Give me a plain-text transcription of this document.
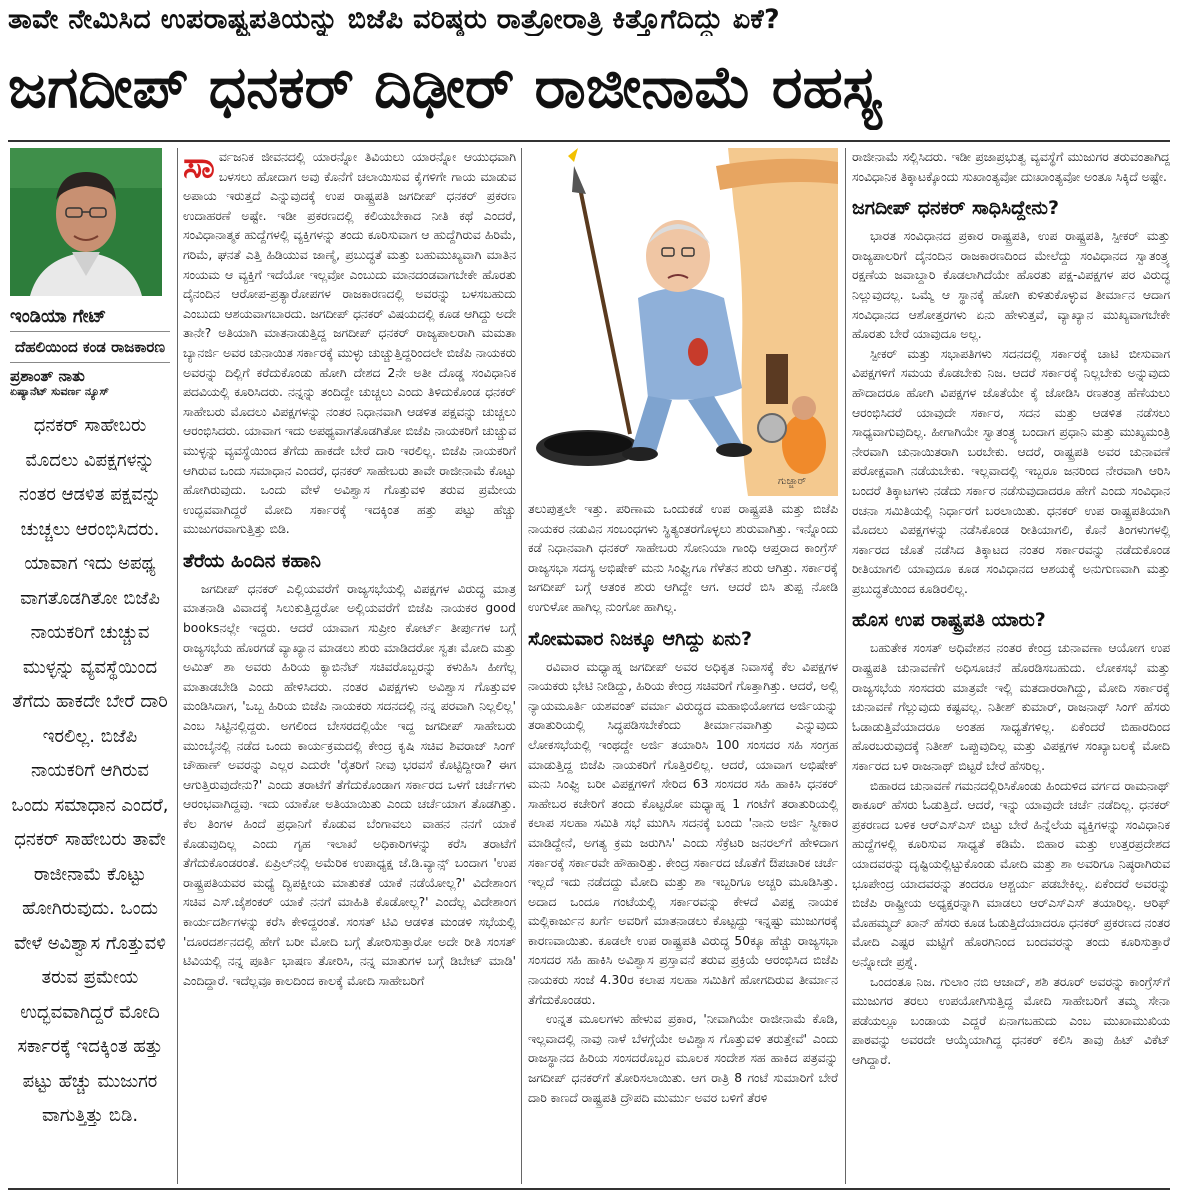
ತಾವೇ ನೇಮಿಸಿದ ಉಪರಾಷ್ಟ್ರಪತಿಯನ್ನು ಬಿಜೆಪಿ ವರಿಷ್ಠರು ರಾತ್ರೋರಾತ್ರಿ ಕಿತ್ತೊಗೆದಿದ್ದು ಏಕೆ?
ಜಗದೀಪ್ ಧನಕರ್ ದಿಢೀರ್ ರಾಜೀನಾಮೆ ರಹಸ್ಯ
ಇಂಡಿಯಾ ಗೇಟ್
ದೆಹಲಿಯಿಂದ ಕಂಡ ರಾಜಕಾರಣ
ಪ್ರಶಾಂತ್ ನಾತು
ಏಷ್ಯಾನೆಟ್ ಸುವರ್ಣ ನ್ಯೂಸ್

ಧನಕರ್ ಸಾಹೇಬರು ಮೊದಲು ವಿಪಕ್ಷಗಳನ್ನು ನಂತರ ಆಡಳಿತ ಪಕ್ಷವನ್ನು ಚುಚ್ಚಲು ಆರಂಭಿಸಿದರು. ಯಾವಾಗ ಇದು ಅಪಥ್ಯ ವಾಗತೊಡಗಿತೋ ಬಿಜೆಪಿ ನಾಯಕರಿಗೆ ಚುಚ್ಚುವ ಮುಳ್ಳನ್ನು ವ್ಯವಸ್ಥೆಯಿಂದ ತೆಗೆದು ಹಾಕದೇ ಬೇರೆ ದಾರಿ ಇರಲಿಲ್ಲ. ಬಿಜೆಪಿ ನಾಯಕರಿಗೆ ಆಗಿರುವ ಒಂದು ಸಮಾಧಾನ ಎಂದರೆ, ಧನಕರ್ ಸಾಹೇಬರು ತಾವೇ ರಾಜೀನಾಮೆ ಕೊಟ್ಟು ಹೋಗಿರುವುದು. ಒಂದು ವೇಳೆ ಅವಿಶ್ವಾಸ ಗೊತ್ತುವಳಿ ತರುವ ಪ್ರಮೇಯ ಉದ್ಭವವಾಗಿದ್ದರೆ ಮೋದಿ ಸರ್ಕಾರಕ್ಕೆ ಇದಕ್ಕಿಂತ ಹತ್ತು ಪಟ್ಟು ಹೆಚ್ಚು ಮುಜುಗರ ವಾಗುತ್ತಿತ್ತು ಬಿಡಿ.

ಸಾರ್ವಜನಿಕ ಜೀವನದಲ್ಲಿ ಯಾರನ್ನೋ ತಿವಿಯಲು ಯಾರನ್ನೋ ಆಯುಧವಾಗಿ ಬಳಸಲು ಹೋದಾಗ ಅವು ಕೊನೆಗೆ ಚಲಾಯಿಸುವ ಕೈಗಳಿಗೇ ಗಾಯ ಮಾಡುವ ಅಪಾಯ ಇರುತ್ತದೆ ಎನ್ನುವುದಕ್ಕೆ ಉಪ ರಾಷ್ಟ್ರಪತಿ ಜಗದೀಪ್ ಧನಕರ್ ಪ್ರಕರಣ ಉದಾಹರಣೆ ಅಷ್ಟೇ. ಇಡೀ ಪ್ರಕರಣದಲ್ಲಿ ಕಲಿಯಬೇಕಾದ ನೀತಿ ಕಥೆ ಎಂದರೆ, ಸಂವಿಧಾನಾತ್ಮಕ ಹುದ್ದೆಗಳಲ್ಲಿ ವ್ಯಕ್ತಿಗಳನ್ನು ತಂದು ಕೂರಿಸುವಾಗ ಆ ಹುದ್ದೆಗಿರುವ ಹಿರಿಮೆ, ಗರಿಮೆ, ಘನತೆ ಎತ್ತಿ ಹಿಡಿಯುವ ಜಾಣ್ಮೆ, ಪ್ರಬುದ್ಧತೆ ಮತ್ತು ಬಹುಮುಖ್ಯವಾಗಿ ಮಾತಿನ ಸಂಯಮ ಆ ವ್ಯಕ್ತಿಗೆ ಇದೆಯೋ ಇಲ್ಲವೋ ಎಂಬುದು ಮಾನದಂಡವಾಗಬೇಕೇ ಹೊರತು ದೈನಂದಿನ ಆರೋಪ-ಪ್ರತ್ಯಾರೋಪಗಳ ರಾಜಕಾರಣದಲ್ಲಿ ಅವರನ್ನು ಬಳಸಬಹುದು ಎಂಬುದು ಆಶಯವಾಗಬಾರದು. ಜಗದೀಪ್ ಧನಕರ್ ವಿಷಯದಲ್ಲಿ ಕೂಡ ಆಗಿದ್ದು ಅದೇ ತಾನೇ? ಅತಿಯಾಗಿ ಮಾತನಾಡುತ್ತಿದ್ದ ಜಗದೀಪ್ ಧನಕರ್ ರಾಜ್ಯಪಾಲರಾಗಿ ಮಮತಾ ಬ್ಯಾನರ್ಜಿ ಅವರ ಚುನಾಯಿತ ಸರ್ಕಾರಕ್ಕೆ ಮುಳ್ಳು ಚುಚ್ಚುತ್ತಿದ್ದರಿಂದಲೇ ಬಿಜೆಪಿ ನಾಯಕರು ಅವರನ್ನು ದಿಲ್ಲಿಗೆ ಕರೆದುಕೊಂಡು ಹೋಗಿ ದೇಶದ 2ನೇ ಅತೀ ದೊಡ್ಡ ಸಂವಿಧಾನಿಕ ಪದವಿಯಲ್ಲಿ ಕೂರಿಸಿದರು. ನನ್ನನ್ನು ತಂದಿದ್ದೇ ಚುಚ್ಚಲು ಎಂದು ತಿಳಿದುಕೊಂಡ ಧನಕರ್ ಸಾಹೇಬರು ಮೊದಲು ವಿಪಕ್ಷಗಳನ್ನು ನಂತರ ನಿಧಾನವಾಗಿ ಆಡಳಿತ ಪಕ್ಷವನ್ನು ಚುಚ್ಚಲು ಆರಂಭಿಸಿದರು. ಯಾವಾಗ ಇದು ಅಪಥ್ಯವಾಗತೊಡಗಿತೋ ಬಿಜೆಪಿ ನಾಯಕರಿಗೆ ಚುಚ್ಚುವ ಮುಳ್ಳನ್ನು ವ್ಯವಸ್ಥೆಯಿಂದ ತೆಗೆದು ಹಾಕದೇ ಬೇರೆ ದಾರಿ ಇರಲಿಲ್ಲ. ಬಿಜೆಪಿ ನಾಯಕರಿಗೆ ಆಗಿರುವ ಒಂದು ಸಮಾಧಾನ ಎಂದರೆ, ಧನಕರ್ ಸಾಹೇಬರು ತಾವೇ ರಾಜೀನಾಮೆ ಕೊಟ್ಟು ಹೋಗಿರುವುದು. ಒಂದು ವೇಳೆ ಅವಿಶ್ವಾಸ ಗೊತ್ತುವಳಿ ತರುವ ಪ್ರಮೇಯ ಉದ್ಭವವಾಗಿದ್ದರೆ ಮೋದಿ ಸರ್ಕಾರಕ್ಕೆ ಇದಕ್ಕಿಂತ ಹತ್ತು ಪಟ್ಟು ಹೆಚ್ಚು ಮುಜುಗರವಾಗುತ್ತಿತ್ತು ಬಿಡಿ.

ತೆರೆಯ ಹಿಂದಿನ ಕಹಾನಿ

ಜಗದೀಪ್ ಧನಕರ್ ಎಲ್ಲಿಯವರೆಗೆ ರಾಜ್ಯಸಭೆಯಲ್ಲಿ ವಿಪಕ್ಷಗಳ ವಿರುದ್ಧ ಮಾತ್ರ ಮಾತನಾಡಿ ವಿವಾದಕ್ಕೆ ಸಿಲುಕುತ್ತಿದ್ದರೋ ಅಲ್ಲಿಯವರೆಗೆ ಬಿಜೆಪಿ ನಾಯಕರ good booksನಲ್ಲೇ ಇದ್ದರು. ಆದರೆ ಯಾವಾಗ ಸುಪ್ರೀಂ ಕೋರ್ಟ್ ತೀರ್ಪುಗಳ ಬಗ್ಗೆ ರಾಜ್ಯಸಭೆಯ ಹೊರಗಡೆ ವ್ಯಾಖ್ಯಾನ ಮಾಡಲು ಶುರು ಮಾಡಿದರೋ ಸ್ವತಃ ಮೋದಿ ಮತ್ತು ಅಮಿತ್ ಶಾ ಅವರು ಹಿರಿಯ ಕ್ಯಾಬಿನೆಟ್ ಸಚಿವರೊಬ್ಬರನ್ನು ಕಳುಹಿಸಿ ಹೀಗೆಲ್ಲ ಮಾತಾಡಬೇಡಿ ಎಂದು ಹೇಳಿಸಿದರು. ನಂತರ ವಿಪಕ್ಷಗಳು ಅವಿಶ್ವಾಸ ಗೊತ್ತುವಳಿ ಮಂಡಿಸಿದಾಗ, 'ಒಬ್ಬ ಹಿರಿಯ ಬಿಜೆಪಿ ನಾಯಕರು ಸದನದಲ್ಲಿ ನನ್ನ ಪರವಾಗಿ ನಿಲ್ಲಲಿಲ್ಲ' ಎಂಬ ಸಿಟ್ಟಿನಲ್ಲಿದ್ದರು. ಅಗಲಿಂದ ಬೇಸರದಲ್ಲಿಯೇ ಇದ್ದ ಜಗದೀಪ್ ಸಾಹೇಬರು ಮುಂಬೈನಲ್ಲಿ ನಡೆದ ಒಂದು ಕಾರ್ಯಕ್ರಮದಲ್ಲಿ ಕೇಂದ್ರ ಕೃಷಿ ಸಚಿವ ಶಿವರಾಜ್ ಸಿಂಗ್ ಚೌಹಾಣ್ ಅವರನ್ನು ಎಲ್ಲರ ಎದುರೇ 'ರೈತರಿಗೆ ನೀವು ಭರವಸೆ ಕೊಟ್ಟಿದ್ದೀರಾ? ಈಗ ಆಗುತ್ತಿರುವುದೇನು?' ಎಂದು ತರಾಟೆಗೆ ತೆಗೆದುಕೊಂಡಾಗ ಸರ್ಕಾರದ ಒಳಗೆ ಚರ್ಚೆಗಳು ಆರಂಭವಾಗಿದ್ದವು. ಇದು ಯಾಕೋ ಅತಿಯಾಯಿತು ಎಂದು ಚರ್ಚೆಯಾಗ ತೊಡಗಿತ್ತು. ಕೆಲ ತಿಂಗಳ ಹಿಂದೆ ಪ್ರಧಾನಿಗೆ ಕೊಡುವ ಬೆಂಗಾವಲು ವಾಹನ ನನಗೆ ಯಾಕೆ ಕೊಡುವುದಿಲ್ಲ ಎಂದು ಗೃಹ ಇಲಾಖೆ ಅಧಿಕಾರಿಗಳನ್ನು ಕರೆಸಿ ತರಾಟೆಗೆ ತೆಗೆದುಕೊಂಡರಂತೆ. ಏಪ್ರಿಲ್‌ನಲ್ಲಿ ಅಮೆರಿಕ ಉಪಾಧ್ಯಕ್ಷ ಜೆ.ಡಿ.ವ್ಯಾನ್ಸ್ ಬಂದಾಗ 'ಉಪ ರಾಷ್ಟ್ರಪತಿಯವರ ಮಧ್ಯೆ ದ್ವಿಪಕ್ಷೀಯ ಮಾತುಕತೆ ಯಾಕೆ ನಡೆಯೋಲ್ಲ?' ವಿದೇಶಾಂಗ ಸಚಿವ ಎಸ್.ಜೈಶಂಕರ್ ಯಾಕೆ ನನಗೆ ಮಾಹಿತಿ ಕೊಡೋಲ್ಲ?' ಎಂದೆಲ್ಲ ವಿದೇಶಾಂಗ ಕಾರ್ಯದರ್ಶಿಗಳನ್ನು ಕರೆಸಿ ಕೇಳಿದ್ದರಂತೆ. ಸಂಸತ್ ಟಿವಿ ಆಡಳಿತ ಮಂಡಳಿ ಸಭೆಯಲ್ಲಿ 'ದೂರದರ್ಶನದಲ್ಲಿ ಹೇಗೆ ಬರೀ ಮೋದಿ ಬಗ್ಗೆ ತೋರಿಸುತ್ತಾರೋ ಅದೇ ರೀತಿ ಸಂಸತ್ ಟಿವಿಯಲ್ಲಿ ನನ್ನ ಪೂರ್ತಿ ಭಾಷಣ ತೋರಿಸಿ, ನನ್ನ ಮಾತುಗಳ ಬಗ್ಗೆ ಡಿಬೇಟ್ ಮಾಡಿ' ಎಂದಿದ್ದಾರೆ. ಇದೆಲ್ಲವೂ ಕಾಲದಿಂದ ಕಾಲಕ್ಕೆ ಮೋದಿ ಸಾಹೇಬರಿಗೆ

ಗುಜ್ಜಾರ್

ತಲುಪುತ್ತಲೇ ಇತ್ತು. ಪರಿಣಾಮ ಒಂದುಕಡೆ ಉಪ ರಾಷ್ಟ್ರಪತಿ ಮತ್ತು ಬಿಜೆಪಿ ನಾಯಕರ ನಡುವಿನ ಸಂಬಂಧಗಳು ಸ್ಥಿತ್ಯಂತರಗೊಳ್ಳಲು ಶುರುವಾಗಿತ್ತು. ಇನ್ನೊಂದು ಕಡೆ ನಿಧಾನವಾಗಿ ಧನಕರ್ ಸಾಹೇಬರು ಸೋನಿಯಾ ಗಾಂಧಿ ಆಪ್ತರಾದ ಕಾಂಗ್ರೆಸ್ ರಾಜ್ಯಸಭಾ ಸದಸ್ಯ ಅಭಿಷೇಕ್ ಮನು ಸಿಂಘ್ವಿಗೂ ಗೆಳೆತನ ಶುರು ಆಗಿತ್ತು. ಸರ್ಕಾರಕ್ಕೆ ಜಗದೀಪ್ ಬಗ್ಗೆ ಆತಂಕ ಶುರು ಆಗಿದ್ದೇ ಆಗ. ಆದರೆ ಬಿಸಿ ತುಪ್ಪ ನೋಡಿ ಉಗುಳೋ ಹಾಗಿಲ್ಲ ನುಂಗೋ ಹಾಗಿಲ್ಲ.

ಸೋಮವಾರ ನಿಜಕ್ಕೂ ಆಗಿದ್ದು ಏನು?

ರವಿವಾರ ಮಧ್ಯಾಹ್ನ ಜಗದೀಪ್ ಅವರ ಅಧಿಕೃತ ನಿವಾಸಕ್ಕೆ ಕೆಲ ವಿಪಕ್ಷಗಳ ನಾಯಕರು ಭೇಟಿ ನೀಡಿದ್ದು, ಹಿರಿಯ ಕೇಂದ್ರ ಸಚಿವರಿಗೆ ಗೊತ್ತಾಗಿತ್ತು. ಆದರೆ, ಅಲ್ಲಿ ನ್ಯಾಯಮೂರ್ತಿ ಯಶವಂತ್ ವರ್ಮಾ ವಿರುದ್ಧದ ಮಹಾಭಿಯೋಗದ ಅರ್ಜಿಯನ್ನು ತರಾತುರಿಯಲ್ಲಿ ಸಿದ್ಧಪಡಿಸಬೇಕೆಂದು ತೀರ್ಮಾನವಾಗಿತ್ತು ಎನ್ನುವುದು ಲೋಕಸಭೆಯಲ್ಲಿ ಇಂಥದ್ದೇ ಅರ್ಜಿ ತಯಾರಿಸಿ 100 ಸಂಸದರ ಸಹಿ ಸಂಗ್ರಹ ಮಾಡುತ್ತಿದ್ದ ಬಿಜೆಪಿ ನಾಯಕರಿಗೆ ಗೊತ್ತಿರಲಿಲ್ಲ. ಆದರೆ, ಯಾವಾಗ ಅಭಿಷೇಕ್ ಮನು ಸಿಂಘ್ವಿ ಬರೀ ವಿಪಕ್ಷಗಳಿಗೆ ಸೇರಿದ 63 ಸಂಸದರ ಸಹಿ ಹಾಕಿಸಿ ಧನಕರ್ ಸಾಹೇಬರ ಕಚೇರಿಗೆ ತಂದು ಕೊಟ್ಟರೋ ಮಧ್ಯಾಹ್ನ 1 ಗಂಟೆಗೆ ತರಾತುರಿಯಲ್ಲಿ ಕಲಾಪ ಸಲಹಾ ಸಮಿತಿ ಸಭೆ ಮುಗಿಸಿ ಸದನಕ್ಕೆ ಬಂದು 'ನಾನು ಅರ್ಜಿ ಸ್ವೀಕಾರ ಮಾಡಿದ್ದೇನೆ, ಅಗತ್ಯ ಕ್ರಮ ಜರುಗಿಸಿ' ಎಂದು ಸೆಕ್ರೆಟರಿ ಜನರಲ್‌ಗೆ ಹೇಳಿದಾಗ ಸರ್ಕಾರಕ್ಕೆ ಸರ್ಕಾರವೇ ಹೌಹಾರಿತ್ತು. ಕೇಂದ್ರ ಸರ್ಕಾರದ ಜೊತೆಗೆ ಔಪಚಾರಿಕ ಚರ್ಚೆ ಇಲ್ಲದೆ ಇದು ನಡೆದದ್ದು ಮೋದಿ ಮತ್ತು ಶಾ ಇಬ್ಬರಿಗೂ ಅಚ್ಚರಿ ಮೂಡಿಸಿತ್ತು. ಅದಾದ ಒಂದೂ ಗಂಟೆಯಲ್ಲಿ ಸರ್ಕಾರವನ್ನು ಕೇಳದೆ ವಿಪಕ್ಷ ನಾಯಕ ಮಲ್ಲಿಕಾರ್ಜುನ ಖರ್ಗೆ ಅವರಿಗೆ ಮಾತನಾಡಲು ಕೊಟ್ಟದ್ದು ಇನ್ನಷ್ಟು ಮುಜುಗರಕ್ಕೆ ಕಾರಣವಾಯಿತು. ಕೂಡಲೇ ಉಪ ರಾಷ್ಟ್ರಪತಿ ವಿರುದ್ಧ 50ಕ್ಕೂ ಹೆಚ್ಚು ರಾಜ್ಯಸಭಾ ಸಂಸದರ ಸಹಿ ಹಾಕಿಸಿ ಅವಿಶ್ವಾಸ ಪ್ರಸ್ತಾವನೆ ತರುವ ಪ್ರಕ್ರಿಯೆ ಆರಂಭಿಸಿದ ಬಿಜೆಪಿ ನಾಯಕರು ಸಂಜೆ 4.30ರ ಕಲಾಪ ಸಲಹಾ ಸಮಿತಿಗೆ ಹೋಗದಿರುವ ತೀರ್ಮಾನ ತೆಗೆದುಕೊಂಡರು.

ಉನ್ನತ ಮೂಲಗಳು ಹೇಳುವ ಪ್ರಕಾರ, 'ನೀವಾಗಿಯೇ ರಾಜೀನಾಮೆ ಕೊಡಿ, ಇಲ್ಲವಾದಲ್ಲಿ ನಾವು ನಾಳೆ ಬೆಳಗ್ಗೆಯೇ ಅವಿಶ್ವಾಸ ಗೊತ್ತುವಳಿ ತರುತ್ತೇವೆ' ಎಂದು ರಾಜಸ್ಥಾನದ ಹಿರಿಯ ಸಂಸದರೊಬ್ಬರ ಮೂಲಕ ಸಂದೇಶ ಸಹ ಹಾಕಿದ ಪತ್ರವನ್ನು ಜಗದೀಪ್ ಧನಕರ್‌ಗೆ ತೋರಿಸಲಾಯಿತು. ಆಗ ರಾತ್ರಿ 8 ಗಂಟೆ ಸುಮಾರಿಗೆ ಬೇರೆ ದಾರಿ ಕಾಣದೆ ರಾಷ್ಟ್ರಪತಿ ದ್ರೌಪದಿ ಮುರ್ಮು ಅವರ ಬಳಿಗೆ ತೆರಳಿ

ರಾಜೀನಾಮೆ ಸಲ್ಲಿಸಿದರು. ಇಡೀ ಪ್ರಜಾಪ್ರಭುತ್ವ ವ್ಯವಸ್ಥೆಗೆ ಮುಜುಗರ ತರುವಂತಾಗಿದ್ದ ಸಂವಿಧಾನಿಕ ತಿಕ್ಕಾಟಕ್ಕೊಂದು ಸುಖಾಂತ್ಯವೋ ದುಃಖಾಂತ್ಯವೋ ಅಂತೂ ಸಿಕ್ಕಿದೆ ಅಷ್ಟೇ.

ಜಗದೀಪ್ ಧನಕರ್ ಸಾಧಿಸಿದ್ದೇನು?

ಭಾರತ ಸಂವಿಧಾನದ ಪ್ರಕಾರ ರಾಷ್ಟ್ರಪತಿ, ಉಪ ರಾಷ್ಟ್ರಪತಿ, ಸ್ಪೀಕರ್ ಮತ್ತು ರಾಜ್ಯಪಾಲರಿಗೆ ದೈನಂದಿನ ರಾಜಕಾರಣದಿಂದ ಮೇಲೆದ್ದು ಸಂವಿಧಾನದ ಸ್ವಾತಂತ್ರ್ಯ ರಕ್ಷಣೆಯ ಜವಾಬ್ದಾರಿ ಕೊಡಲಾಗಿದೆಯೇ ಹೊರತು ಪಕ್ಷ-ವಿಪಕ್ಷಗಳ ಪರ ವಿರುದ್ಧ ನಿಲ್ಲುವುದಲ್ಲ. ಒಮ್ಮೆ ಆ ಸ್ಥಾನಕ್ಕೆ ಹೋಗಿ ಕುಳಿತುಕೊಳ್ಳುವ ತೀರ್ಮಾನ ಆದಾಗ ಸಂವಿಧಾನದ ಆಶೋತ್ತರಗಳು ಏನು ಹೇಳುತ್ತವೆ, ವ್ಯಾಖ್ಯಾನ ಮುಖ್ಯವಾಗಬೇಕೇ ಹೊರತು ಬೇರೆ ಯಾವುದೂ ಅಲ್ಲ.

ಸ್ಪೀಕರ್ ಮತ್ತು ಸಭಾಪತಿಗಳು ಸದನದಲ್ಲಿ ಸರ್ಕಾರಕ್ಕೆ ಚಾಟಿ ಬೀಸುವಾಗ ವಿಪಕ್ಷಗಳಿಗೆ ಸಮಯ ಕೊಡಬೇಕು ನಿಜ. ಆದರೆ ಸರ್ಕಾರಕ್ಕೆ ನಿಲ್ಲಬೇಕು ಅನ್ನುವುದು ಹೌದಾದರೂ ಹೋಗಿ ವಿಪಕ್ಷಗಳ ಜೊತೆಯೇ ಕೈ ಜೋಡಿಸಿ ರಣತಂತ್ರ ಹೆಣೆಯಲು ಆರಂಭಿಸಿದರೆ ಯಾವುದೇ ಸರ್ಕಾರ, ಸದನ ಮತ್ತು ಆಡಳಿತ ನಡೆಸಲು ಸಾಧ್ಯವಾಗುವುದಿಲ್ಲ. ಹೀಗಾಗಿಯೇ ಸ್ವಾತಂತ್ರ್ಯ ಬಂದಾಗ ಪ್ರಧಾನಿ ಮತ್ತು ಮುಖ್ಯಮಂತ್ರಿ ನೇರವಾಗಿ ಚುನಾಯಿತರಾಗಿ ಬರಬೇಕು. ಆದರೆ, ರಾಷ್ಟ್ರಪತಿ ಅವರ ಚುನಾವಣೆ ಪರೋಕ್ಷವಾಗಿ ನಡೆಯಬೇಕು. ಇಲ್ಲವಾದಲ್ಲಿ ಇಬ್ಬರೂ ಜನರಿಂದ ನೇರವಾಗಿ ಆರಿಸಿ ಬಂದರೆ ತಿಕ್ಕಾಟಗಳು ನಡೆದು ಸರ್ಕಾರ ನಡೆಸುವುದಾದರೂ ಹೇಗೆ ಎಂದು ಸಂವಿಧಾನ ರಚನಾ ಸಮಿತಿಯಲ್ಲಿ ನಿರ್ಧಾರಗೆ ಬರಲಾಯಿತು. ಧನಕರ್ ಉಪ ರಾಷ್ಟ್ರಪತಿಯಾಗಿ ಮೊದಲು ವಿಪಕ್ಷಗಳನ್ನು ನಡೆಸಿಕೊಂಡ ರೀತಿಯಾಗಲಿ, ಕೊನೆ ತಿಂಗಳುಗಳಲ್ಲಿ ಸರ್ಕಾರದ ಜೊತೆ ನಡೆಸಿದ ತಿಕ್ಕಾಟದ ನಂತರ ಸರ್ಕಾರವನ್ನು ನಡೆದುಕೊಂಡ ರೀತಿಯಾಗಲಿ ಯಾವುದೂ ಕೂಡ ಸಂವಿಧಾನದ ಆಶಯಕ್ಕೆ ಅನುಗುಣವಾಗಿ ಮತ್ತು ಪ್ರಬುದ್ಧತೆಯಿಂದ ಕೂಡಿರಲಿಲ್ಲ.

ಹೊಸ ಉಪ ರಾಷ್ಟ್ರಪತಿ ಯಾರು?

ಬಹುತೇಕ ಸಂಸತ್ ಅಧಿವೇಶನ ನಂತರ ಕೇಂದ್ರ ಚುನಾವಣಾ ಆಯೋಗ ಉಪ ರಾಷ್ಟ್ರಪತಿ ಚುನಾವಣೆಗೆ ಅಧಿಸೂಚನೆ ಹೊರಡಿಸಬಹುದು. ಲೋಕಸಭೆ ಮತ್ತು ರಾಜ್ಯಸಭೆಯ ಸಂಸದರು ಮಾತ್ರವೇ ಇಲ್ಲಿ ಮತದಾರರಾಗಿದ್ದು, ಮೋದಿ ಸರ್ಕಾರಕ್ಕೆ ಚುನಾವಣೆ ಗೆಲ್ಲುವುದು ಕಷ್ಟವಲ್ಲ. ನಿತೀಶ್ ಕುಮಾರ್, ರಾಜನಾಥ್ ಸಿಂಗ್ ಹೆಸರು ಓಡಾಡುತ್ತಿವೆಯಾದರೂ ಅಂತಹ ಸಾಧ್ಯತೆಗಳಿಲ್ಲ. ಏಕೆಂದರೆ ಬಿಹಾರದಿಂದ ಹೊರಬರುವುದಕ್ಕೆ ನಿತೀಶ್ ಒಪ್ಪುವುದಿಲ್ಲ ಮತ್ತು ವಿಪಕ್ಷಗಳ ಸಂಖ್ಯಾಬಲಕ್ಕೆ ಮೋದಿ ಸರ್ಕಾರದ ಬಳಿ ರಾಜನಾಥ್ ಬಿಟ್ಟರೆ ಬೇರೆ ಹೆಸರಿಲ್ಲ.

ಬಿಹಾರದ ಚುನಾವಣೆ ಗಮನದಲ್ಲಿರಿಸಿಕೊಂಡು ಹಿಂದುಳಿದ ವರ್ಗದ ರಾಮನಾಥ್ ಠಾಕೂರ್ ಹೆಸರು ಓಡುತ್ತಿದೆ. ಆದರೆ, ಇನ್ನು ಯಾವುದೇ ಚರ್ಚೆ ನಡೆದಿಲ್ಲ. ಧನಕರ್ ಪ್ರಕರಣದ ಬಳಿಕ ಆರ್‌ಎಸ್‌ಎಸ್ ಬಿಟ್ಟು ಬೇರೆ ಹಿನ್ನೆಲೆಯ ವ್ಯಕ್ತಿಗಳನ್ನು ಸಂವಿಧಾನಿಕ ಹುದ್ದೆಗಳಲ್ಲಿ ಕೂರಿಸುವ ಸಾಧ್ಯತೆ ಕಡಿಮೆ. ಬಿಹಾರ ಮತ್ತು ಉತ್ತರಪ್ರದೇಶದ ಯಾದವರನ್ನು ದೃಷ್ಟಿಯಲ್ಲಿಟ್ಟುಕೊಂಡು ಮೋದಿ ಮತ್ತು ಶಾ ಅವರಿಗೂ ನಿಷ್ಠರಾಗಿರುವ ಭೂಪೇಂದ್ರ ಯಾದವರನ್ನು ತಂದರೂ ಆಶ್ಚರ್ಯ ಪಡಬೇಕಿಲ್ಲ. ಏಕೆಂದರೆ ಅವರನ್ನು ಬಿಜೆಪಿ ರಾಷ್ಟ್ರೀಯ ಅಧ್ಯಕ್ಷರನ್ನಾಗಿ ಮಾಡಲು ಆರ್‌ಎಸ್‌ಎಸ್ ತಯಾರಿಲ್ಲ. ಆರಿಫ್ ಮೊಹಮ್ಮದ್ ಖಾನ್ ಹೆಸರು ಕೂಡ ಓಡುತ್ತಿದೆಯಾದರೂ ಧನಕರ್ ಪ್ರಕರಣದ ನಂತರ ಮೋದಿ ಎಷ್ಟರ ಮಟ್ಟಿಗೆ ಹೊರಗಿನಿಂದ ಬಂದವರನ್ನು ತಂದು ಕೂರಿಸುತ್ತಾರೆ ಅನ್ನೋದೇ ಪ್ರಶ್ನೆ.

ಒಂದಂತೂ ನಿಜ. ಗುಲಾಂ ನಬಿ ಆಜಾದ್, ಶಶಿ ತರೂರ್ ಅವರನ್ನು ಕಾಂಗ್ರೆಸ್‌ಗೆ ಮುಜುಗರ ತರಲು ಉಪಯೋಗಿಸುತ್ತಿದ್ದ ಮೋದಿ ಸಾಹೇಬರಿಗೆ ತಮ್ಮ ಸೇನಾ ಪಡೆಯಲ್ಲೂ ಬಂಡಾಯ ಎದ್ದರೆ ಏನಾಗಬಹುದು ಎಂಬ ಮುಖಾಮುಖಿಯ ಪಾಠವನ್ನು ಅವರದೇ ಆಯ್ಕೆಯಾಗಿದ್ದ ಧನಕರ್ ಕಲಿಸಿ ತಾವು ಹಿಟ್ ವಿಕೆಟ್ ಆಗಿದ್ದಾರೆ.
